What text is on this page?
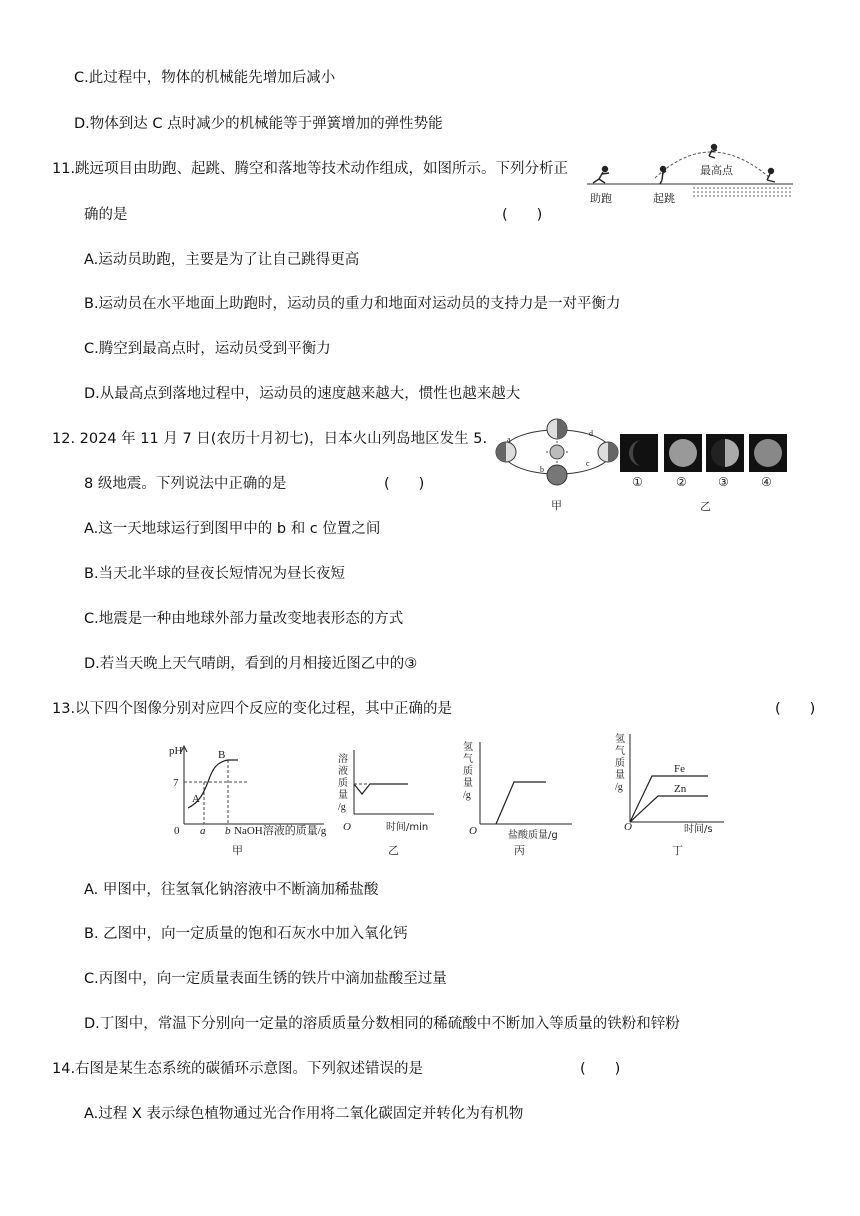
C.此过程中，物体的机械能先增加后减小
D.物体到达 C 点时减少的机械能等于弹簧增加的弹性势能
11.跳远项目由助跑、起跳、腾空和落地等技术动作组成，如图所示。下列分析正
确的是	(　　)
A.运动员助跑，主要是为了让自己跳得更高
B.运动员在水平地面上助跑时，运动员的重力和地面对运动员的支持力是一对平衡力
C.腾空到最高点时，运动员受到平衡力
D.从最高点到落地过程中，运动员的速度越来越大，惯性也越来越大
助跑	起跳
最高点
12. 2024 年 11 月 7 日(农历十月初七)，日本火山列岛地区发生 5.
8 级地震。下列说法中正确的是	(　　)
A.这一天地球运行到图甲中的 b 和 c 位置之间
B.当天北半球的昼夜长短情况为昼长夜短
C.地震是一种由地球外部力量改变地表形态的方式
D.若当天晚上天气晴朗，看到的月相接近图乙中的③
a
b
c
d
甲
①	②	③	④
乙
13.以下四个图像分别对应四个反应的变化过程，其中正确的是	(　　)
pH
7
A
B
0 a b NaOH溶液的质量/g
甲
溶
液
质
量
/g
O	时间/min
乙
氢
气
质
量
/g
O	盐酸质量/g
丙
氢
气
质
量
/g
Fe
Zn
O	时间/s
丁
A. 甲图中，往氢氧化钠溶液中不断滴加稀盐酸
B. 乙图中，向一定质量的饱和石灰水中加入氧化钙
C.丙图中，向一定质量表面生锈的铁片中滴加盐酸至过量
D.丁图中，常温下分别向一定量的溶质质量分数相同的稀硫酸中不断加入等质量的铁粉和锌粉
14.右图是某生态系统的碳循环示意图。下列叙述错误的是	(　　)
A.过程 X 表示绿色植物通过光合作用将二氧化碳固定并转化为有机物
